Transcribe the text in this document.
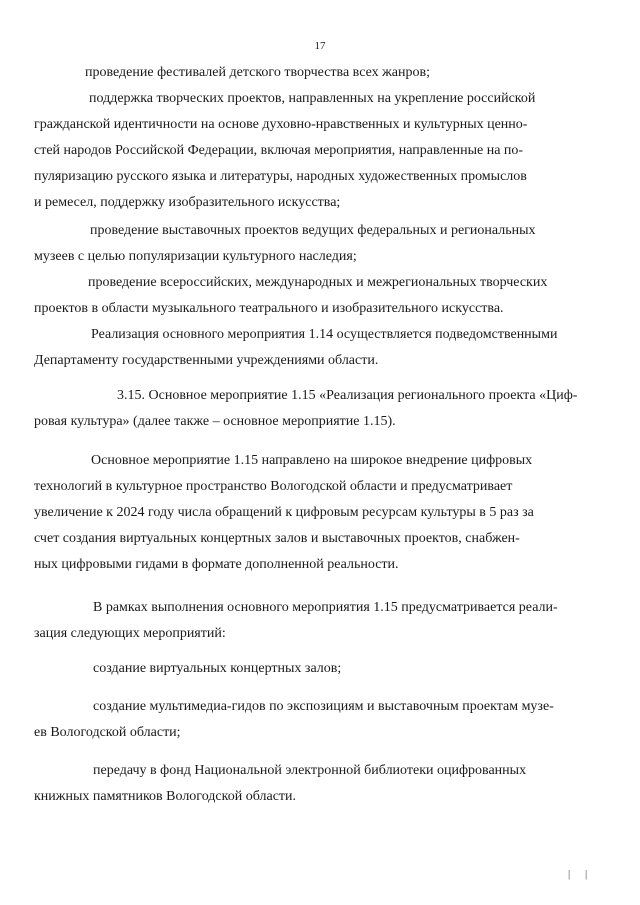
17
проведение фестивалей детского творчества всех жанров;
поддержка творческих проектов, направленных на укрепление российской
гражданской идентичности на основе духовно-нравственных и культурных ценно-
стей народов Российской Федерации, включая мероприятия, направленные на по-
пуляризацию русского языка и литературы, народных художественных промыслов
и ремесел, поддержку изобразительного искусства;
проведение выставочных проектов ведущих федеральных и региональных
музеев с целью популяризации культурного наследия;
проведение всероссийских, международных и межрегиональных творческих
проектов в области музыкального театрального и изобразительного искусства.
Реализация основного мероприятия 1.14 осуществляется подведомственными
Департаменту государственными учреждениями области.
3.15. Основное мероприятие 1.15 «Реализация регионального проекта «Циф-
ровая культура» (далее также – основное мероприятие 1.15).
Основное мероприятие 1.15 направлено на широкое внедрение цифровых
технологий в культурное пространство Вологодской области и предусматривает
увеличение к 2024 году числа обращений к цифровым ресурсам культуры в 5 раз за
счет создания виртуальных концертных залов и выставочных проектов, снабжен-
ных цифровыми гидами в формате дополненной реальности.
В рамках выполнения основного мероприятия 1.15 предусматривается реали-
зация следующих мероприятий:
создание виртуальных концертных залов;
создание мультимедиа-гидов по экспозициям и выставочным проектам музе-
ев Вологодской области;
передачу в фонд Национальной электронной библиотеки оцифрованных
книжных памятников Вологодской области.
| |
